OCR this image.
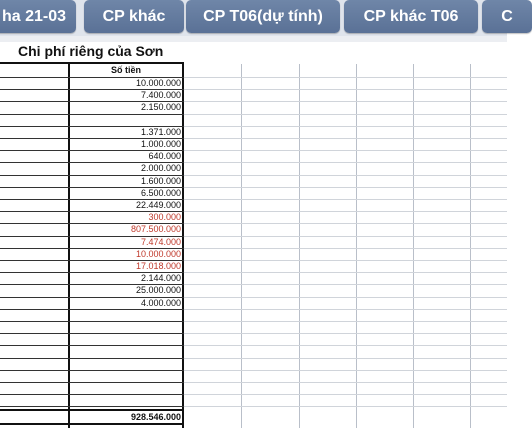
ha 21-03	CP khác	CP T06(dự tính)	CP khác T06	C
Chi phí riêng của Sơn
Số tiền
10.000.000
7.400.000
2.150.000
1.371.000
1.000.000
640.000
2.000.000
1.600.000
6.500.000
22.449.000
300.000
807.500.000
7.474.000
10.000.000
17.018.000
2.144.000
25.000.000
4.000.000
928.546.000
